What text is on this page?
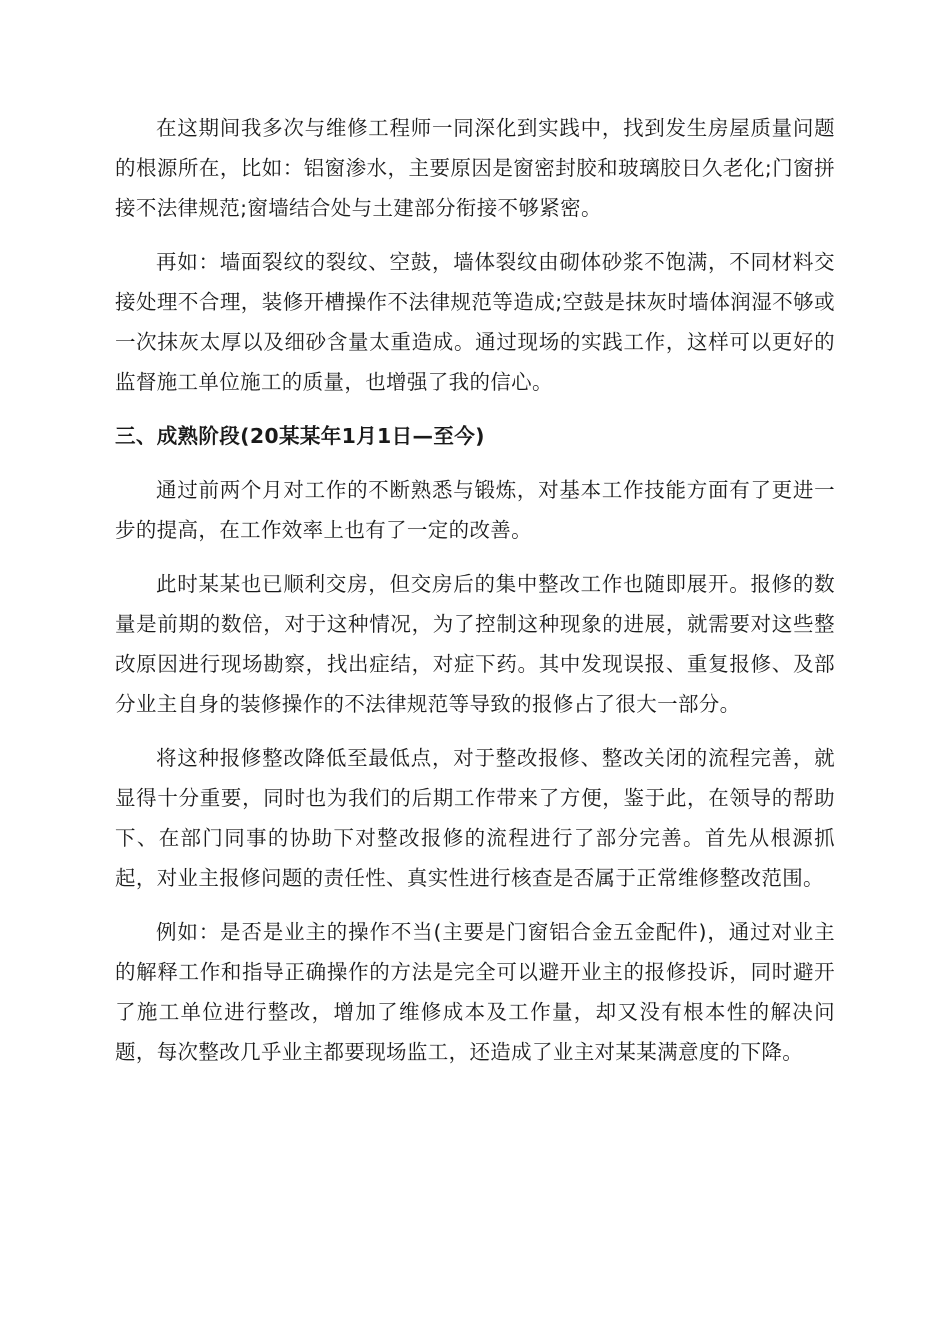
在这期间我多次与维修工程师一同深化到实践中，找到发生房屋质量问题的根源所在，比如：铝窗渗水，主要原因是窗密封胶和玻璃胶日久老化;门窗拼接不法律规范;窗墙结合处与土建部分衔接不够紧密。

再如：墙面裂纹的裂纹、空鼓，墙体裂纹由砌体砂浆不饱满，不同材料交接处理不合理，装修开槽操作不法律规范等造成;空鼓是抹灰时墙体润湿不够或一次抹灰太厚以及细砂含量太重造成。通过现场的实践工作，这样可以更好的监督施工单位施工的质量，也增强了我的信心。

三、成熟阶段(20某某年1月1日—至今)

通过前两个月对工作的不断熟悉与锻炼，对基本工作技能方面有了更进一步的提高，在工作效率上也有了一定的改善。

此时某某也已顺利交房，但交房后的集中整改工作也随即展开。报修的数量是前期的数倍，对于这种情况，为了控制这种现象的进展，就需要对这些整改原因进行现场勘察，找出症结，对症下药。其中发现误报、重复报修、及部分业主自身的装修操作的不法律规范等导致的报修占了很大一部分。

将这种报修整改降低至最低点，对于整改报修、整改关闭的流程完善，就显得十分重要，同时也为我们的后期工作带来了方便，鉴于此，在领导的帮助下、在部门同事的协助下对整改报修的流程进行了部分完善。首先从根源抓起，对业主报修问题的责任性、真实性进行核查是否属于正常维修整改范围。

例如：是否是业主的操作不当(主要是门窗铝合金五金配件)，通过对业主的解释工作和指导正确操作的方法是完全可以避开业主的报修投诉，同时避开了施工单位进行整改，增加了维修成本及工作量，却又没有根本性的解决问题，每次整改几乎业主都要现场监工，还造成了业主对某某满意度的下降。
